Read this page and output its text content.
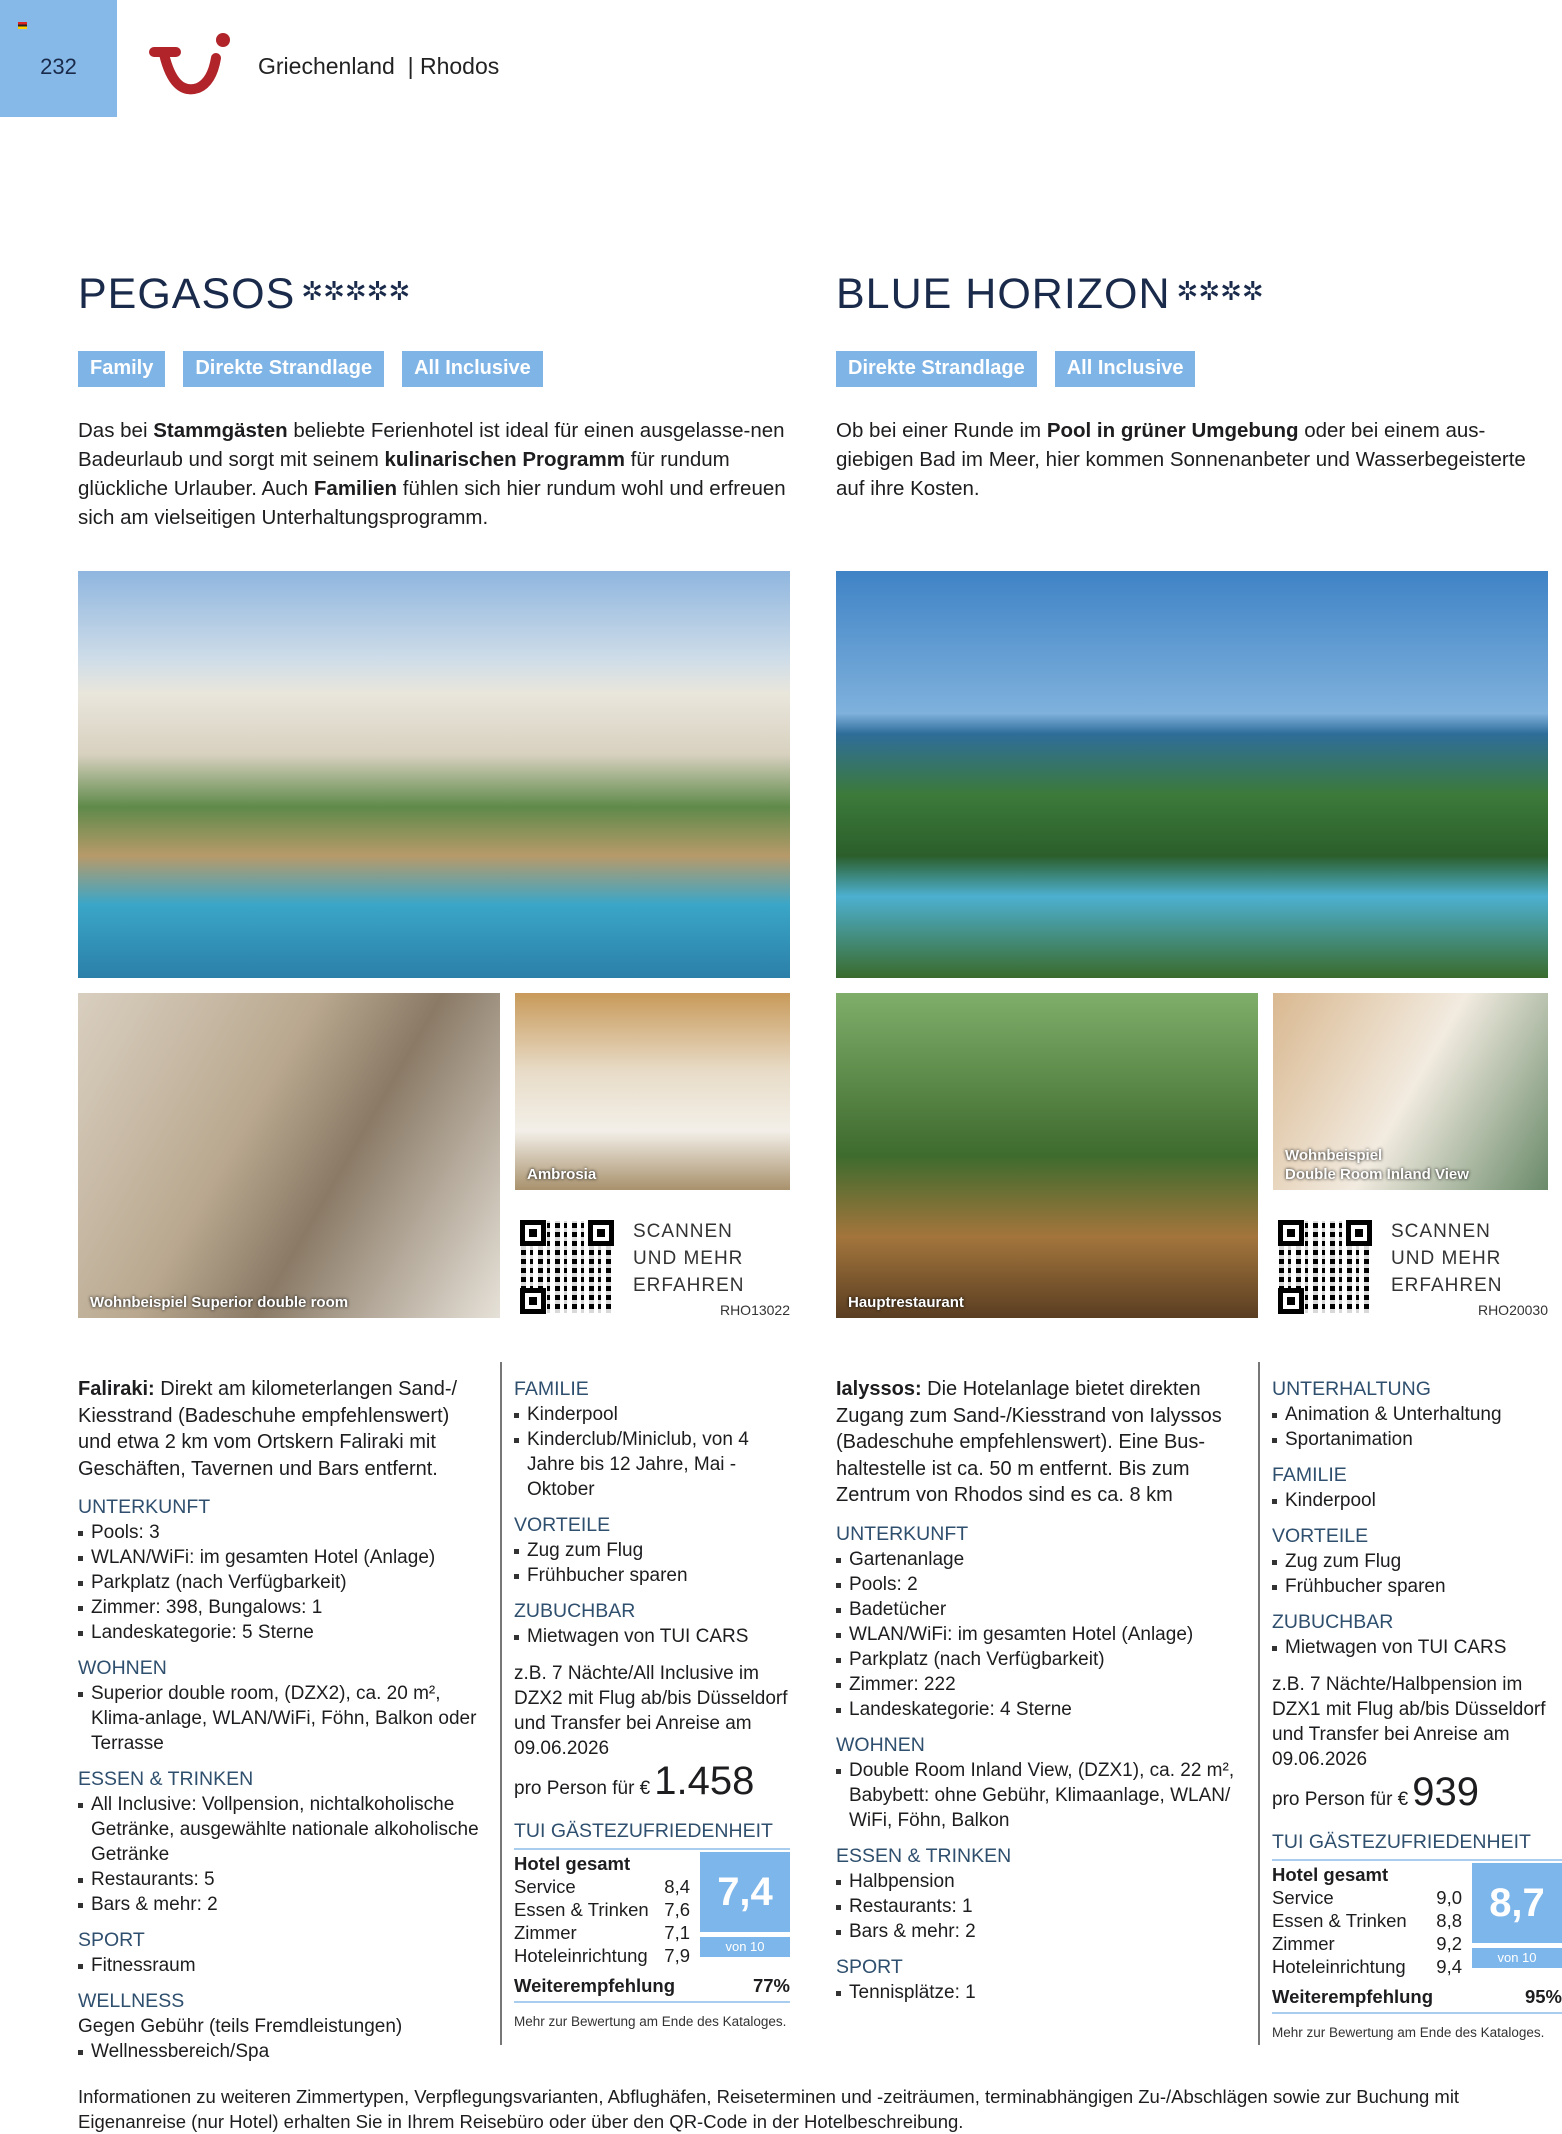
232	Griechenland  | Rhodos
PEGASOS ✲✲✲✲✲
Family	Direkte Strandlage	All Inclusive
Das bei Stammgästen beliebte Ferienhotel ist ideal für einen ausgelasse-nen Badeurlaub und sorgt mit seinem kulinarischen Programm für rundum glückliche Urlauber. Auch Familien fühlen sich hier rundum wohl und erfreuen sich am vielseitigen Unterhaltungsprogramm.
Wohnbeispiel Superior double room
Ambrosia
SCANNEN
UND MEHR
ERFAHREN
RHO13022
Faliraki: Direkt am kilometerlangen Sand-/ Kiesstrand (Badeschuhe empfehlenswert) und etwa 2 km vom Ortskern Faliraki mit Geschäften, Tavernen und Bars entfernt.
UNTERKUNFT
Pools: 3
WLAN/WiFi: im gesamten Hotel (Anlage)
Parkplatz (nach Verfügbarkeit)
Zimmer: 398, Bungalows: 1
Landeskategorie: 5 Sterne
WOHNEN
Superior double room, (DZX2), ca. 20 m², Klima-anlage, WLAN/WiFi, Föhn, Balkon oder Terrasse
ESSEN & TRINKEN
All Inclusive: Vollpension, nichtalkoholische Getränke, ausgewählte nationale alkoholische Getränke
Restaurants: 5
Bars & mehr: 2
SPORT
Fitnessraum
WELLNESS
Gegen Gebühr (teils Fremdleistungen)
Wellnessbereich/Spa
FAMILIE
Kinderpool
Kinderclub/Miniclub, von 4 Jahre bis 12 Jahre, Mai - Oktober
VORTEILE
Zug zum Flug
Frühbucher sparen
ZUBUCHBAR
Mietwagen von TUI CARS
z.B. 7 Nächte/All Inclusive im DZX2 mit Flug ab/bis Düsseldorf und Transfer bei Anreise am 09.06.2026
pro Person für € 1.458
TUI GÄSTEZUFRIEDENHEIT
Hotel gesamt
Service	8,4
Essen & Trinken 7,6
Zimmer	7,1
Hoteleinrichtung 7,9
7,4
von 10
Weiterempfehlung	77%
Mehr zur Bewertung am Ende des Kataloges.
BLUE HORIZON ✲✲✲✲
Direkte Strandlage	All Inclusive
Ob bei einer Runde im Pool in grüner Umgebung oder bei einem aus-giebigen Bad im Meer, hier kommen Sonnenanbeter und Wasserbegeisterte auf ihre Kosten.
Hauptrestaurant
Wohnbeispiel
Double Room Inland View
SCANNEN
UND MEHR
ERFAHREN
RHO20030
Ialyssos: Die Hotelanlage bietet direkten Zugang zum Sand-/Kiesstrand von Ialyssos (Badeschuhe empfehlenswert). Eine Bus-haltestelle ist ca. 50 m entfernt. Bis zum Zentrum von Rhodos sind es ca. 8 km
UNTERKUNFT
Gartenanlage
Pools: 2
Badetücher
WLAN/WiFi: im gesamten Hotel (Anlage)
Parkplatz (nach Verfügbarkeit)
Zimmer: 222
Landeskategorie: 4 Sterne
WOHNEN
Double Room Inland View, (DZX1), ca. 22 m², Babybett: ohne Gebühr, Klimaanlage, WLAN/ WiFi, Föhn, Balkon
ESSEN & TRINKEN
Halbpension
Restaurants: 1
Bars & mehr: 2
SPORT
Tennisplätze: 1
UNTERHALTUNG
Animation & Unterhaltung
Sportanimation
FAMILIE
Kinderpool
VORTEILE
Zug zum Flug
Frühbucher sparen
ZUBUCHBAR
Mietwagen von TUI CARS
z.B. 7 Nächte/Halbpension im DZX1 mit Flug ab/bis Düsseldorf und Transfer bei Anreise am 09.06.2026
pro Person für € 939
TUI GÄSTEZUFRIEDENHEIT
Hotel gesamt
Service	9,0
Essen & Trinken 8,8
Zimmer	9,2
Hoteleinrichtung 9,4
8,7
von 10
Weiterempfehlung	95%
Mehr zur Bewertung am Ende des Kataloges.
Informationen zu weiteren Zimmertypen, Verpflegungsvarianten, Abflughäfen, Reiseterminen und -zeiträumen, terminabhängigen Zu-/Abschlägen sowie zur Buchung mit Eigenanreise (nur Hotel) erhalten Sie in Ihrem Reisebüro oder über den QR-Code in der Hotelbeschreibung.
